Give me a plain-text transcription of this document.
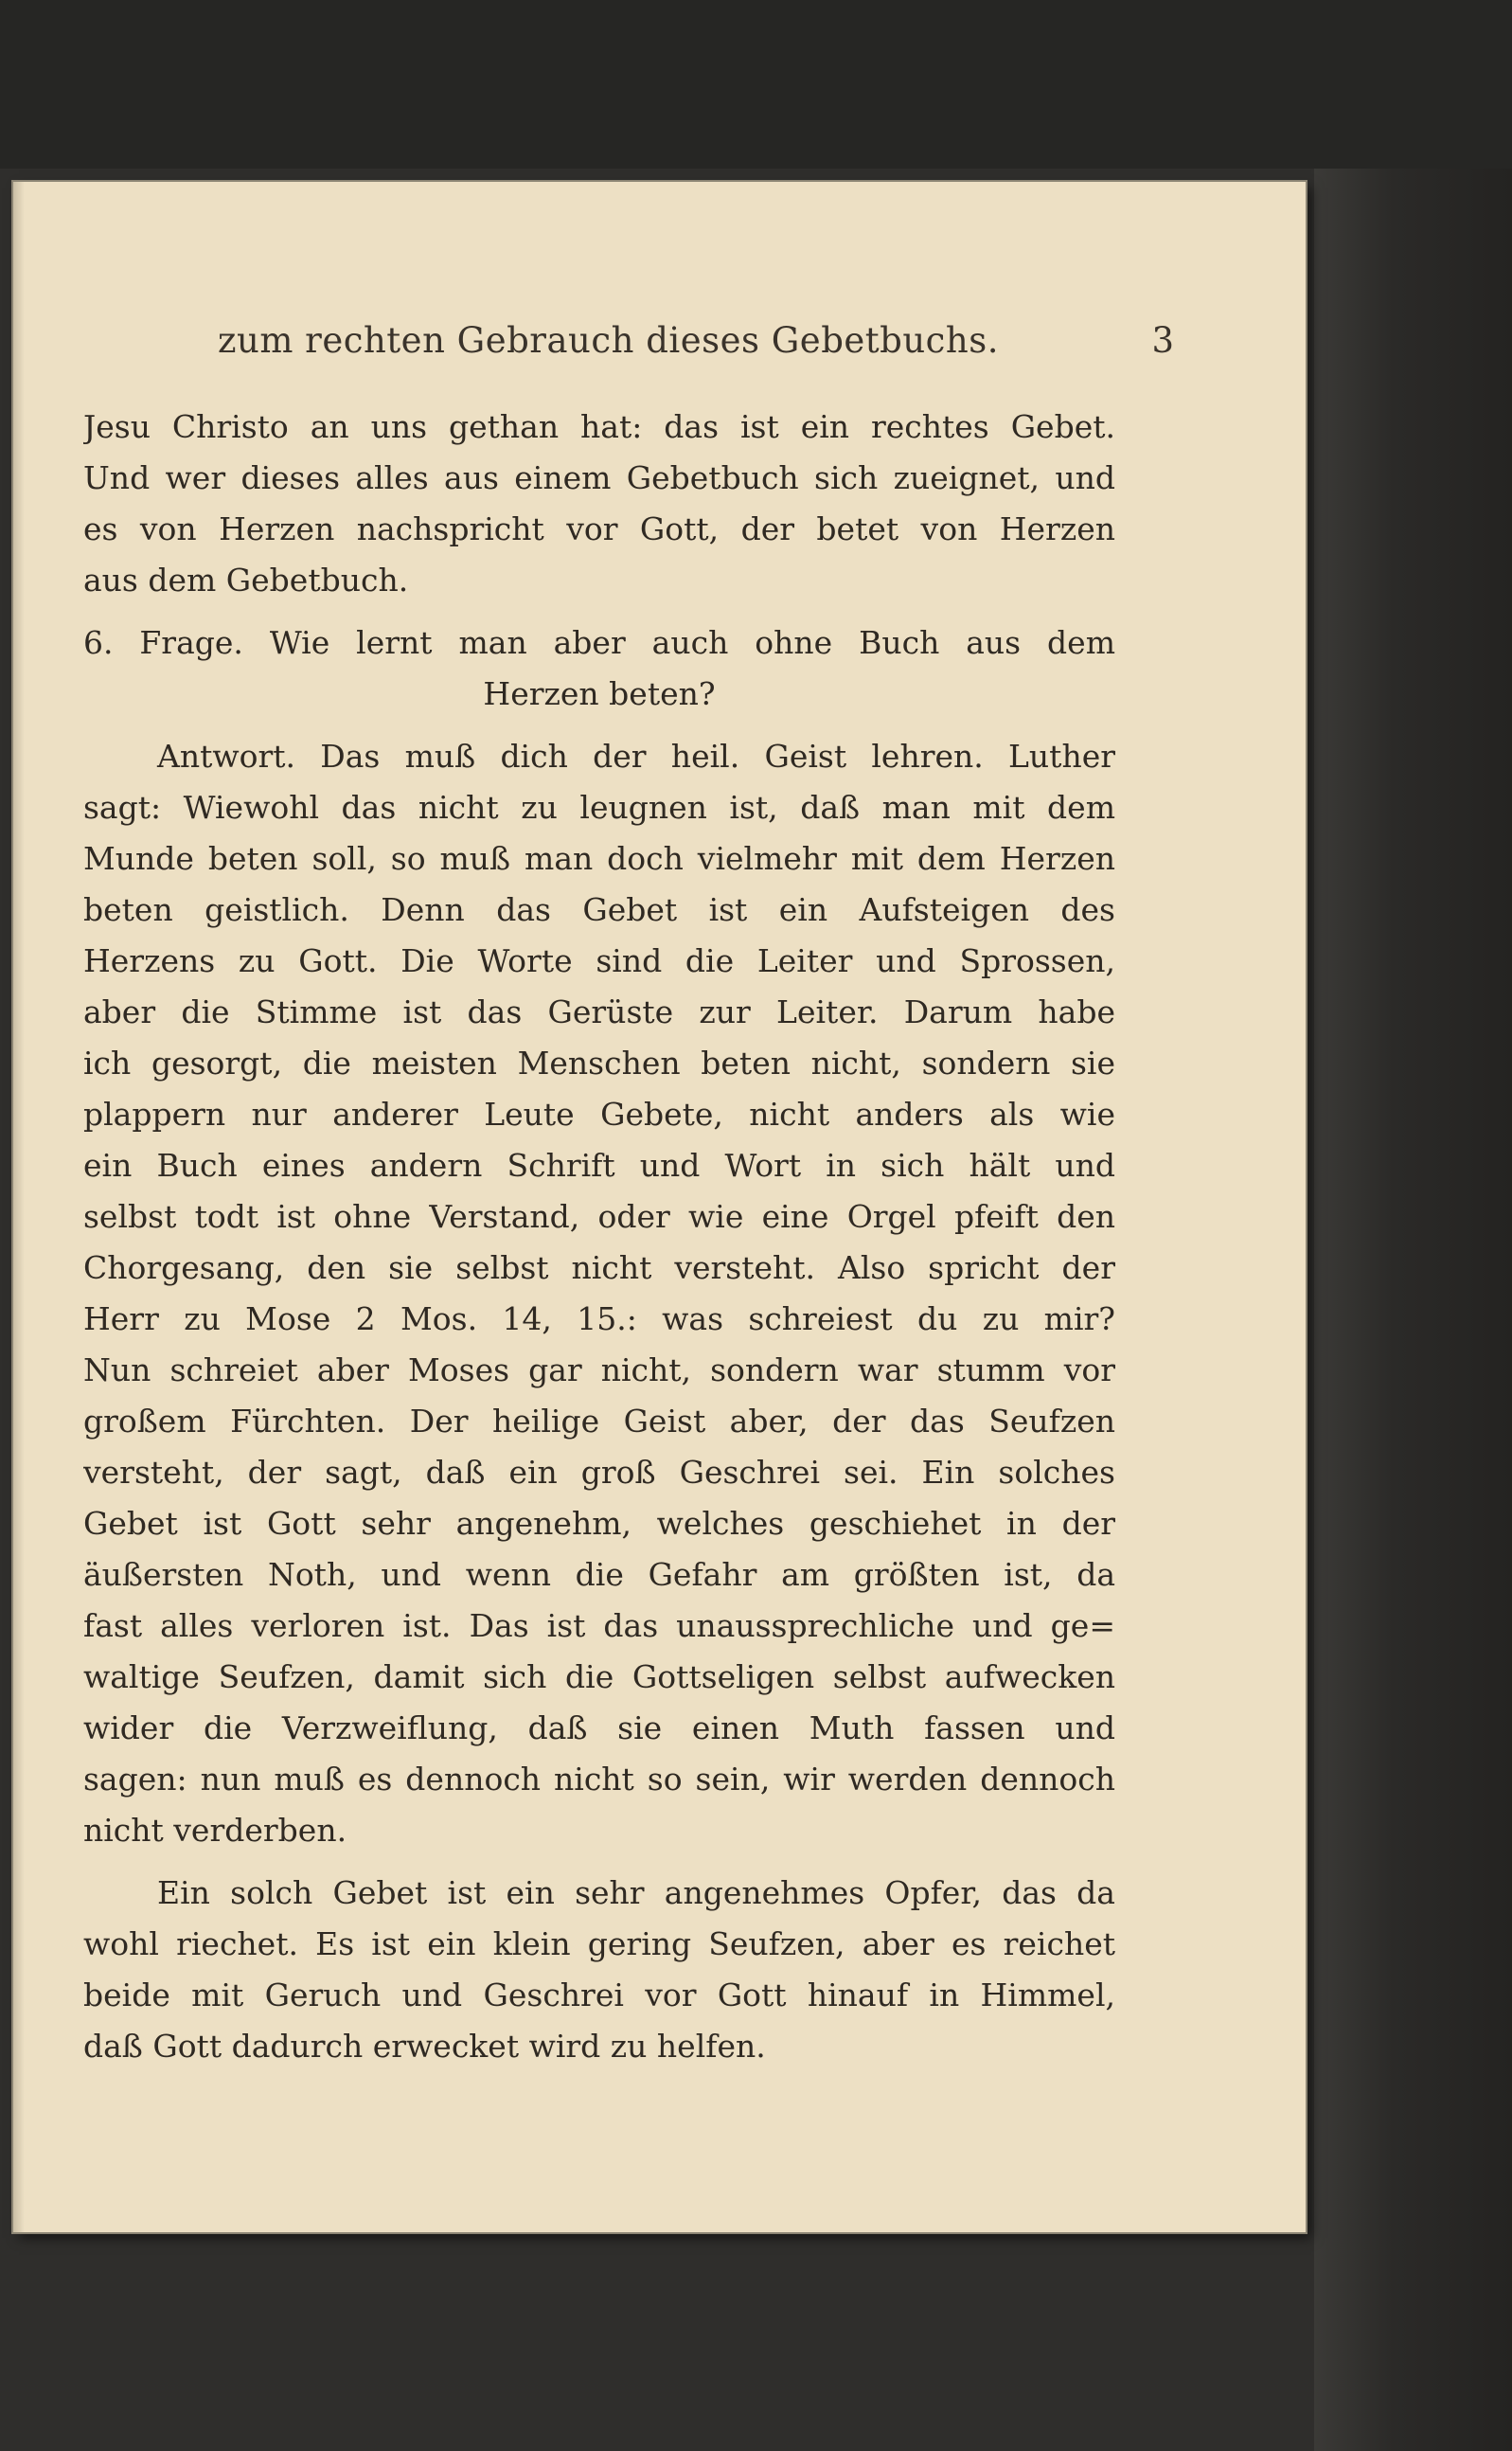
zum rechten Gebrauch dieses Gebetbuchs.	3
Jesu Christo an uns gethan hat: das ist ein rechtes Gebet.
Und wer dieses alles aus einem Gebetbuch sich zueignet, und
es von Herzen nachspricht vor Gott, der betet von Herzen
aus dem Gebetbuch.
6. Frage. Wie lernt man aber auch ohne Buch aus dem
Herzen beten?
Antwort. Das muß dich der heil. Geist lehren. Luther
sagt: Wiewohl das nicht zu leugnen ist, daß man mit dem
Munde beten soll, so muß man doch vielmehr mit dem Herzen
beten geistlich. Denn das Gebet ist ein Aufsteigen des
Herzens zu Gott. Die Worte sind die Leiter und Sprossen,
aber die Stimme ist das Gerüste zur Leiter. Darum habe
ich gesorgt, die meisten Menschen beten nicht, sondern sie
plappern nur anderer Leute Gebete, nicht anders als wie
ein Buch eines andern Schrift und Wort in sich hält und
selbst todt ist ohne Verstand, oder wie eine Orgel pfeift den
Chorgesang, den sie selbst nicht versteht. Also spricht der
Herr zu Mose 2 Mos. 14, 15.: was schreiest du zu mir?
Nun schreiet aber Moses gar nicht, sondern war stumm vor
großem Fürchten. Der heilige Geist aber, der das Seufzen
versteht, der sagt, daß ein groß Geschrei sei. Ein solches
Gebet ist Gott sehr angenehm, welches geschiehet in der
äußersten Noth, und wenn die Gefahr am größten ist, da
fast alles verloren ist. Das ist das unaussprechliche und ge=
waltige Seufzen, damit sich die Gottseligen selbst aufwecken
wider die Verzweiflung, daß sie einen Muth fassen und
sagen: nun muß es dennoch nicht so sein, wir werden dennoch
nicht verderben.
Ein solch Gebet ist ein sehr angenehmes Opfer, das da
wohl riechet. Es ist ein klein gering Seufzen, aber es reichet
beide mit Geruch und Geschrei vor Gott hinauf in Himmel,
daß Gott dadurch erwecket wird zu helfen.
